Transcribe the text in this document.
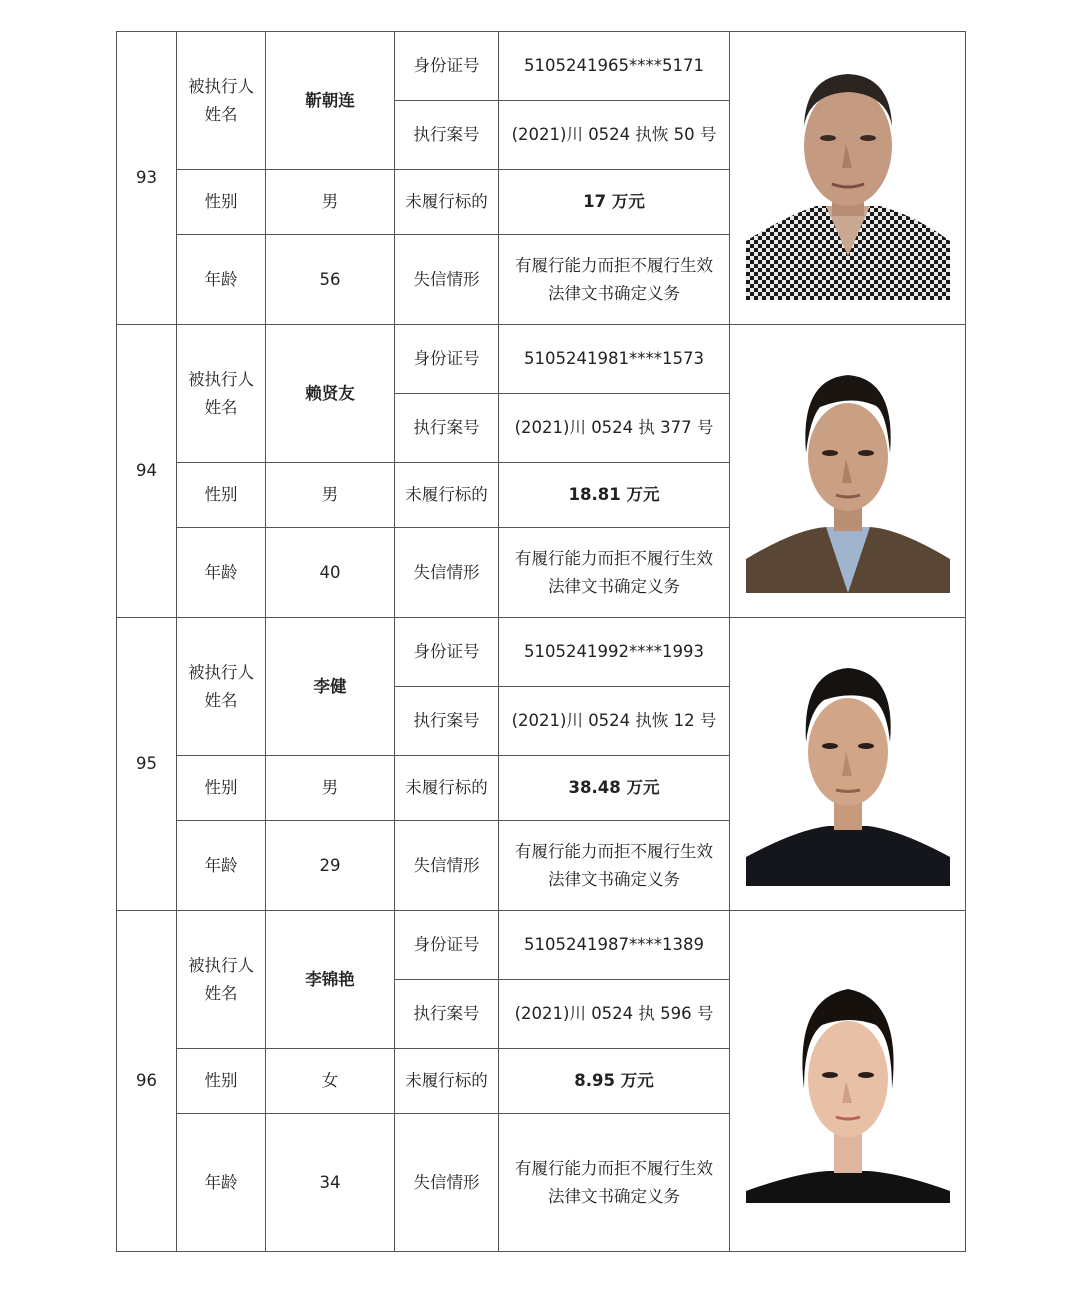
93	被执行人
姓名	靳朝连	身份证号	5105241965****5171	

			执行案号	(2021)川 0524 执恢 50 号	
	性别	男	未履行标的	17 万元	
	年龄	56	失信情形	有履行能力而拒不履行生效
法律文书确定义务	

94	被执行人
姓名	赖贤友	身份证号	5105241981****1573	

			执行案号	(2021)川 0524 执 377 号	
	性别	男	未履行标的	18.81 万元	
	年龄	40	失信情形	有履行能力而拒不履行生效
法律文书确定义务	

95	被执行人
姓名	李健	身份证号	5105241992****1993	

			执行案号	(2021)川 0524 执恢 12 号	
	性别	男	未履行标的	38.48 万元	
	年龄	29	失信情形	有履行能力而拒不履行生效
法律文书确定义务	

96	被执行人
姓名	李锦艳	身份证号	5105241987****1389	

			执行案号	(2021)川 0524 执 596 号	
	性别	女	未履行标的	8.95 万元	
	年龄	34	失信情形	有履行能力而拒不履行生效
法律文书确定义务	
